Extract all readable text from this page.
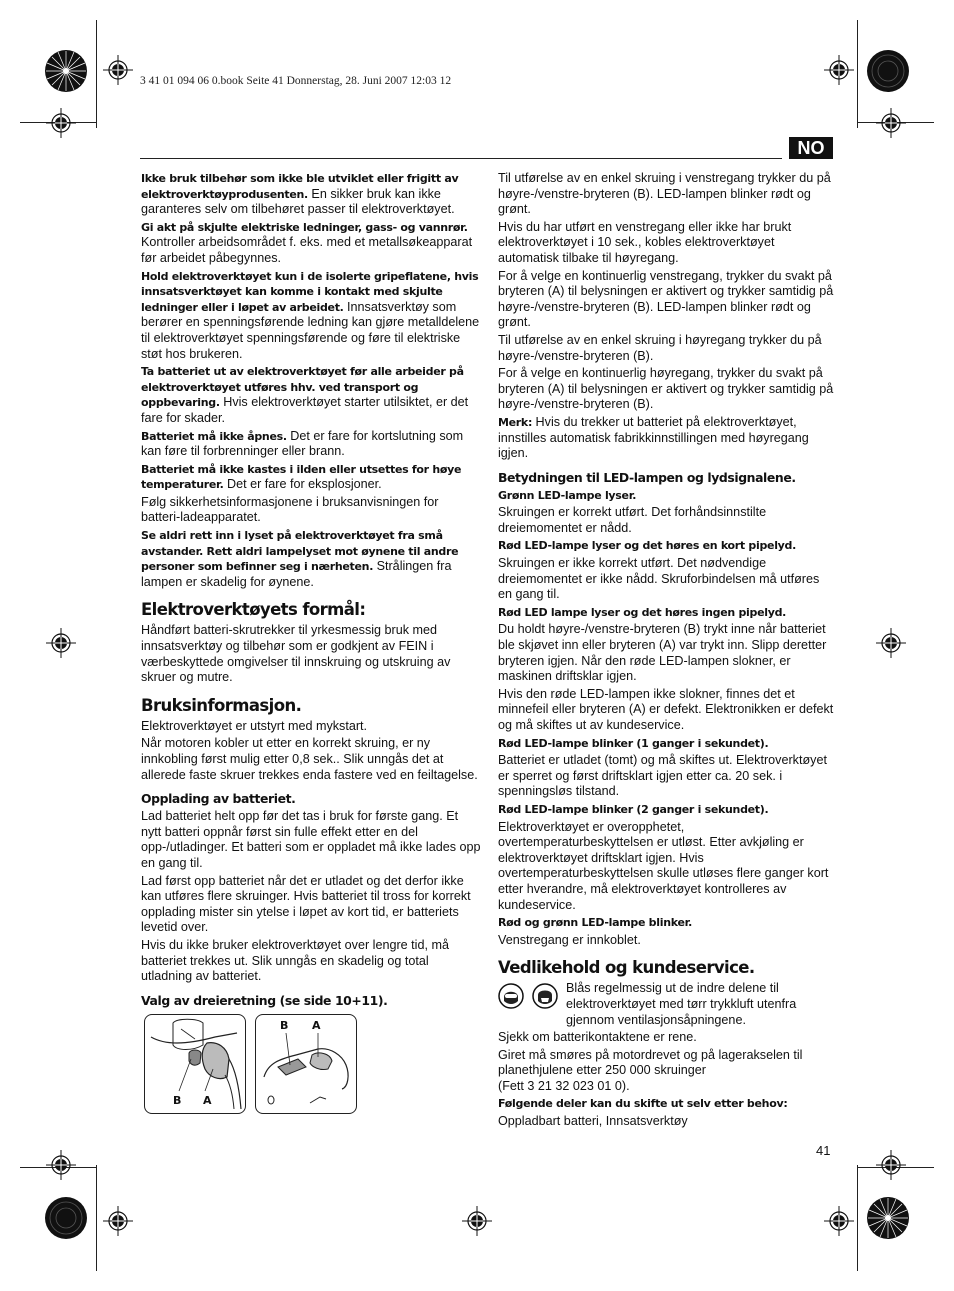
3 41 01 094 06 0.book Seite 41 Donnerstag, 28. Juni 2007 12:03 12
NO

Ikke bruk tilbehør som ikke ble utviklet eller frigitt av elektroverktøyprodusenten. En sikker bruk kan ikke garanteres selv om tilbehøret passer til elektroverktøyet.

Gi akt på skjulte elektriske ledninger, gass- og vannrør. Kontroller arbeidsområdet f. eks. med et metallsøkeapparat før arbeidet påbegynnes.

Hold elektroverktøyet kun i de isolerte gripeflatene, hvis innsatsverktøyet kan komme i kontakt med skjulte ledninger eller i løpet av arbeidet. Innsatsverktøy som berører en spenningsførende ledning kan gjøre metalldelene til elektroverktøyet spenningsførende og føre til elektriske støt hos brukeren.

Ta batteriet ut av elektroverktøyet før alle arbeider på elektroverktøyet utføres hhv. ved transport og oppbevaring. Hvis elektroverktøyet starter utilsiktet, er det fare for skader.

Batteriet må ikke åpnes. Det er fare for kortslutning som kan føre til forbrenninger eller brann.

Batteriet må ikke kastes i ilden eller utsettes for høye temperaturer. Det er fare for eksplosjoner.

Følg sikkerhetsinformasjonene i bruksanvisningen for batteri-ladeapparatet.

Se aldri rett inn i lyset på elektroverktøyet fra små avstander. Rett aldri lampelyset mot øynene til andre personer som befinner seg i nærheten. Strålingen fra lampen er skadelig for øynene.

Elektroverktøyets formål:

Håndført batteri-skrutrekker til yrkesmessig bruk med innsatsverktøy og tilbehør som er godkjent av FEIN i værbeskyttede omgivelser til innskruing og utskruing av skruer og mutre.

Bruksinformasjon.

Elektroverktøyet er utstyrt med mykstart.

Når motoren kobler ut etter en korrekt skruing, er ny innkobling først mulig etter 0,8 sek.. Slik unngås det at allerede faste skruer trekkes enda fastere ved en feiltagelse.

Opplading av batteriet.

Lad batteriet helt opp før det tas i bruk for første gang. Et nytt batteri oppnår først sin fulle effekt etter en del opp-/utladinger. Et batteri som er oppladet må ikke lades opp en gang til.

Lad først opp batteriet når det er utladet og det derfor ikke kan utføres flere skruinger. Hvis batteriet til tross for korrekt opplading mister sin ytelse i løpet av kort tid, er batteriets levetid over.

Hvis du ikke bruker elektroverktøyet over lengre tid, må batteriet trekkes ut. Slik unngås en skadelig og total utladning av batteriet.

Valg av dreieretning (se side 10+11).
B A
B A

Til utførelse av en enkel skruing i venstregang trykker du på høyre-/venstre-bryteren (B). LED-lampen blinker rødt og grønt.

Hvis du har utført en venstregang eller ikke har brukt elektroverktøyet i 10 sek., kobles elektroverktøyet automatisk tilbake til høyregang.

For å velge en kontinuerlig venstregang, trykker du svakt på bryteren (A) til belysningen er aktivert og trykker samtidig på høyre-/venstre-bryteren (B). LED-lampen blinker rødt og grønt.

Til utførelse av en enkel skruing i høyregang trykker du på høyre-/venstre-bryteren (B).

For å velge en kontinuerlig høyregang, trykker du svakt på bryteren (A) til belysningen er aktivert og trykker samtidig på høyre-/venstre-bryteren (B).

Merk: Hvis du trekker ut batteriet på elektroverktøyet, innstilles automatisk fabrikkinnstillingen med høyregang igjen.

Betydningen til LED-lampen og lydsignalene.

Grønn LED-lampe lyser.

Skruingen er korrekt utført. Det forhåndsinnstilte dreiemomentet er nådd.

Rød LED-lampe lyser og det høres en kort pipelyd.

Skruingen er ikke korrekt utført. Det nødvendige dreiemomentet er ikke nådd. Skruforbindelsen må utføres en gang til.

Rød LED lampe lyser og det høres ingen pipelyd.

Du holdt høyre-/venstre-bryteren (B) trykt inne når batteriet ble skjøvet inn eller bryteren (A) var trykt inn. Slipp deretter bryteren igjen. Når den røde LED-lampen slokner, er maskinen driftsklar igjen.

Hvis den røde LED-lampen ikke slokner, finnes det et minnefeil eller bryteren (A) er defekt. Elektronikken er defekt og må skiftes ut av kundeservice.

Rød LED-lampe blinker (1 ganger i sekundet).

Batteriet er utladet (tomt) og må skiftes ut. Elektroverktøyet er sperret og først driftsklart igjen etter ca. 20 sek. i spenningsløs tilstand.

Rød LED-lampe blinker (2 ganger i sekundet).

Elektroverktøyet er overopphetet, overtemperaturbeskyttelsen er utløst. Etter avkjøling er elektroverktøyet driftsklart igjen. Hvis overtemperaturbeskyttelsen skulle utløses flere ganger kort etter hverandre, må elektroverktøyet kontrolleres av kundeservice.

Rød og grønn LED-lampe blinker.

Venstregang er innkoblet.

Vedlikehold og kundeservice.

Blås regelmessig ut de indre delene til elektroverktøyet med tørr trykkluft utenfra gjennom ventilasjonsåpningene.

Sjekk om batterikontaktene er rene.

Giret må smøres på motordrevet og på lagerakselen til planethjulene etter 250 000 skruinger

(Fett 3 21 32 023 01 0).

Følgende deler kan du skifte ut selv etter behov:

Oppladbart batteri, Innsatsverktøy

41
